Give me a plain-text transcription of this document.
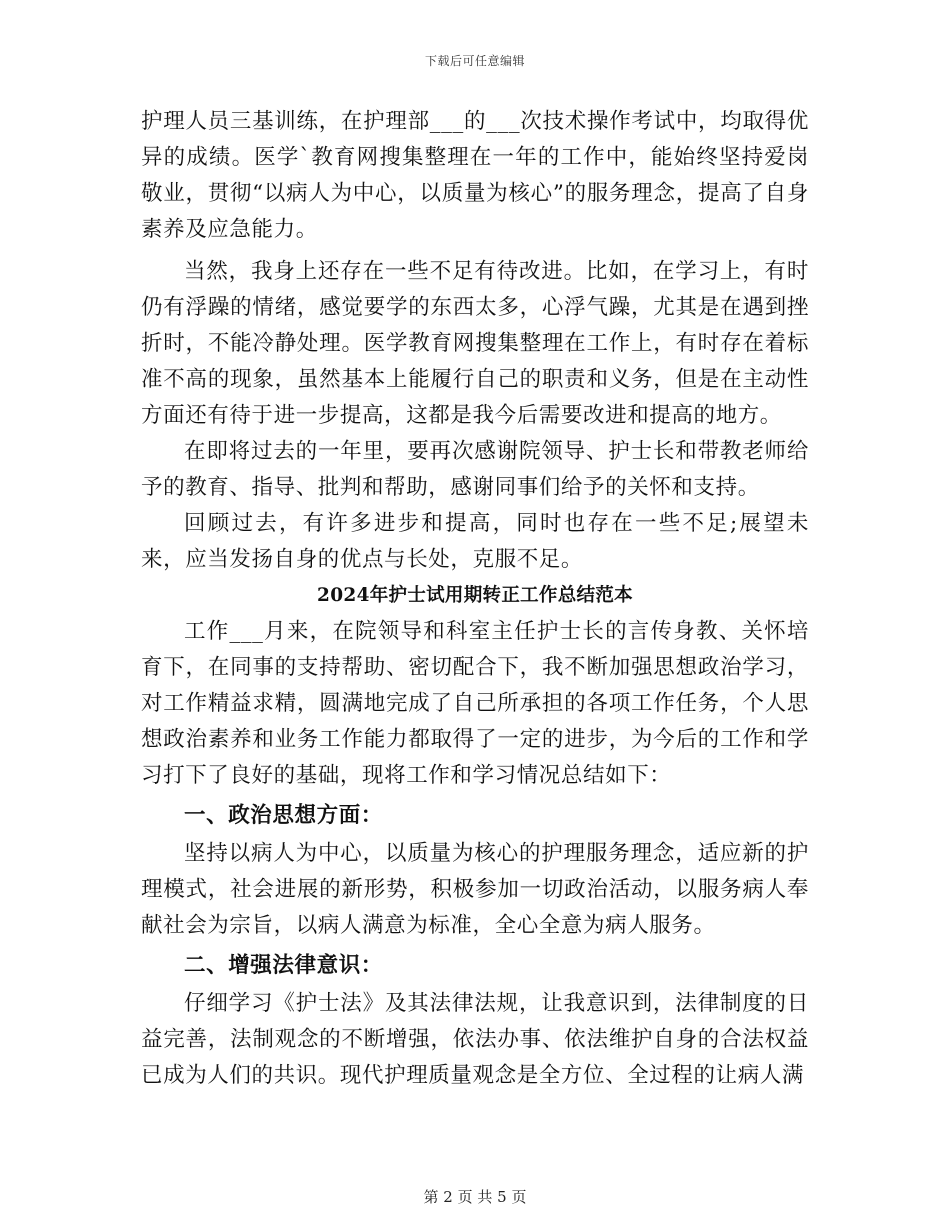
下载后可任意编辑

护理人员三基训练，在护理部___的___次技术操作考试中，均取得优异的成绩。医学`教育网搜集整理在一年的工作中，能始终坚持爱岗敬业，贯彻“以病人为中心，以质量为核心”的服务理念，提高了自身素养及应急能力。

当然，我身上还存在一些不足有待改进。比如，在学习上，有时仍有浮躁的情绪，感觉要学的东西太多，心浮气躁，尤其是在遇到挫折时，不能冷静处理。医学教育网搜集整理在工作上，有时存在着标准不高的现象，虽然基本上能履行自己的职责和义务，但是在主动性方面还有待于进一步提高，这都是我今后需要改进和提高的地方。

在即将过去的一年里，要再次感谢院领导、护士长和带教老师给予的教育、指导、批判和帮助，感谢同事们给予的关怀和支持。

回顾过去，有许多进步和提高，同时也存在一些不足;展望未来，应当发扬自身的优点与长处，克服不足。

2024年护士试用期转正工作总结范本

工作___月来，在院领导和科室主任护士长的言传身教、关怀培育下，在同事的支持帮助、密切配合下，我不断加强思想政治学习，对工作精益求精，圆满地完成了自己所承担的各项工作任务，个人思想政治素养和业务工作能力都取得了一定的进步，为今后的工作和学习打下了良好的基础，现将工作和学习情况总结如下：

一、政治思想方面：

坚持以病人为中心，以质量为核心的护理服务理念，适应新的护理模式，社会进展的新形势，积极参加一切政治活动，以服务病人奉献社会为宗旨，以病人满意为标准，全心全意为病人服务。

二、增强法律意识：

仔细学习《护士法》及其法律法规，让我意识到，法律制度的日益完善，法制观念的不断增强，依法办事、依法维护自身的合法权益已成为人们的共识。现代护理质量观念是全方位、全过程的让病人满

第 2 页 共 5 页
